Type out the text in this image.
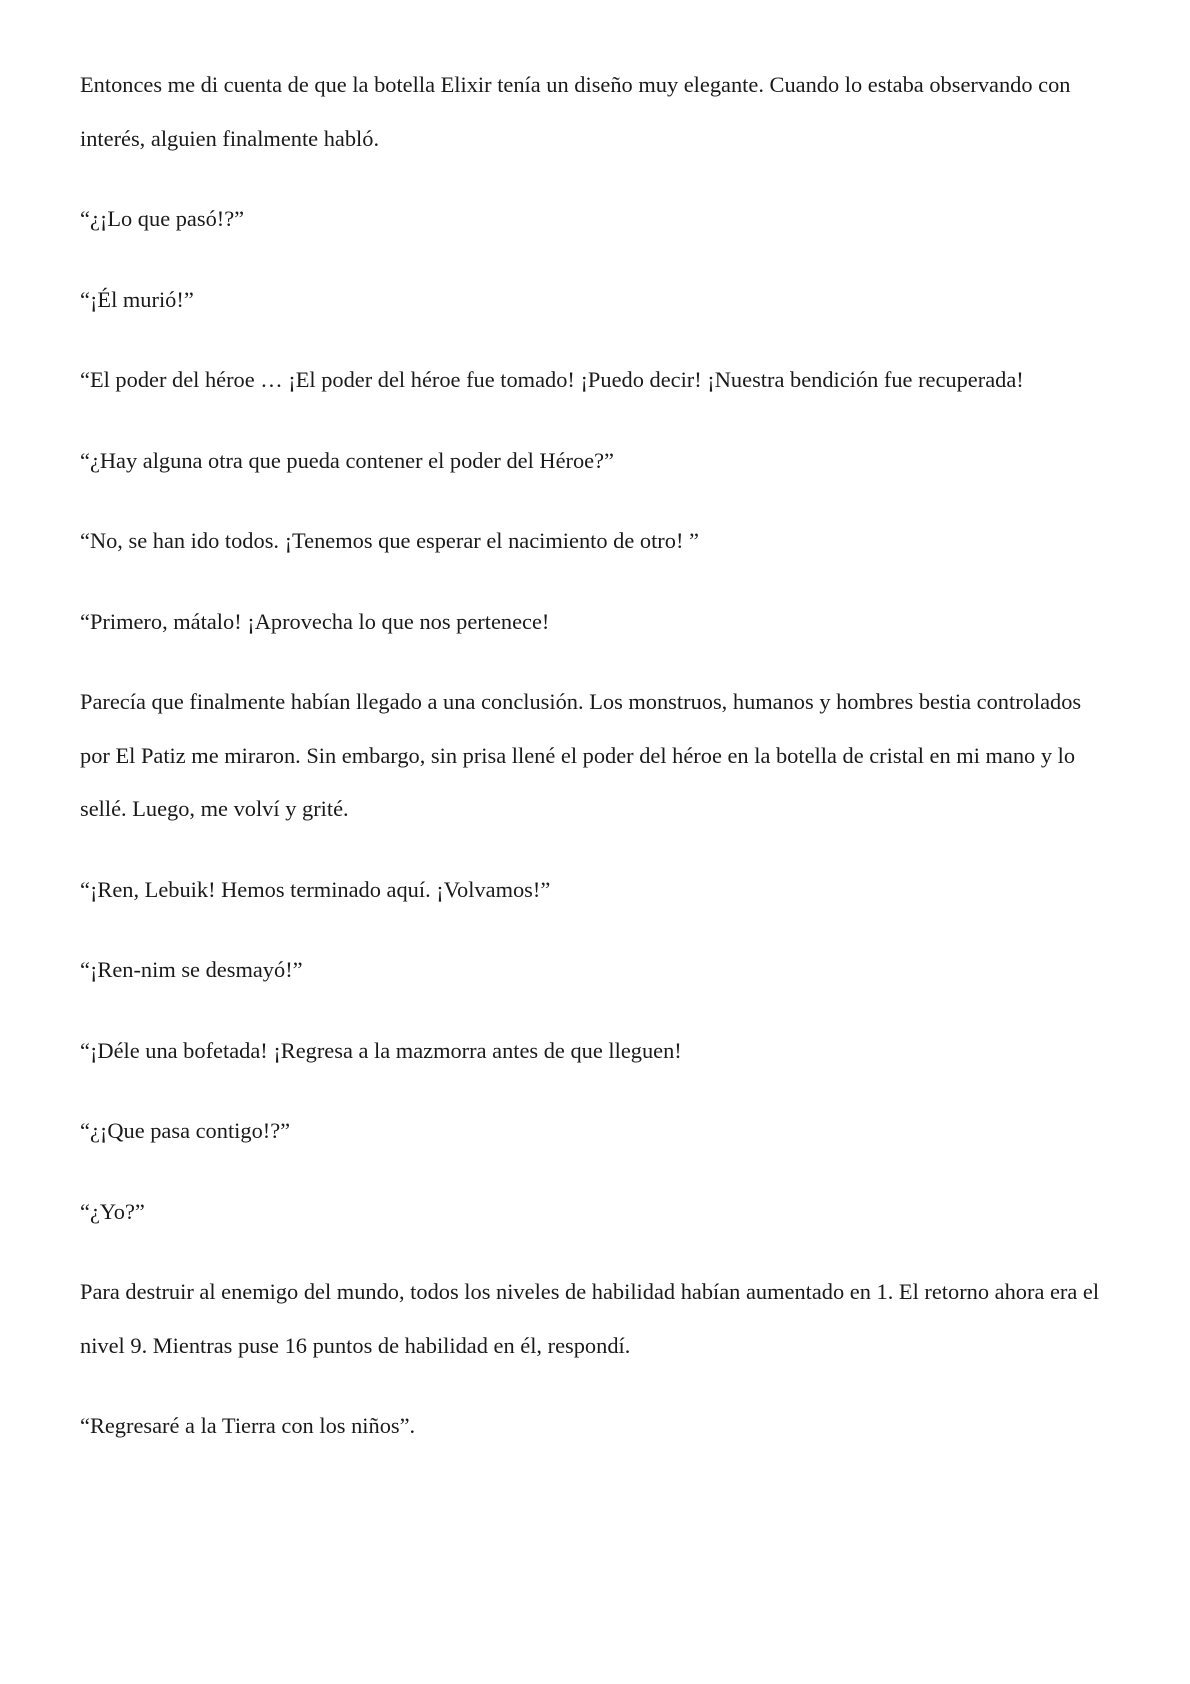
Entonces me di cuenta de que la botella Elixir tenía un diseño muy elegante. Cuando lo estaba observando con interés, alguien finalmente habló.

“¿¡Lo que pasó!?”

“¡Él murió!”

“El poder del héroe … ¡El poder del héroe fue tomado! ¡Puedo decir! ¡Nuestra bendición fue recuperada!

“¿Hay alguna otra que pueda contener el poder del Héroe?”

“No, se han ido todos. ¡Tenemos que esperar el nacimiento de otro! ”

“Primero, mátalo! ¡Aprovecha lo que nos pertenece!

Parecía que finalmente habían llegado a una conclusión. Los monstruos, humanos y hombres bestia controlados por El Patiz me miraron. Sin embargo, sin prisa llené el poder del héroe en la botella de cristal en mi mano y lo sellé. Luego, me volví y grité.

“¡Ren, Lebuik! Hemos terminado aquí. ¡Volvamos!”

“¡Ren-nim se desmayó!”

“¡Déle una bofetada! ¡Regresa a la mazmorra antes de que lleguen!

“¿¡Que pasa contigo!?”

“¿Yo?”

Para destruir al enemigo del mundo, todos los niveles de habilidad habían aumentado en 1. El retorno ahora era el nivel 9. Mientras puse 16 puntos de habilidad en él, respondí.

“Regresaré a la Tierra con los niños”.
